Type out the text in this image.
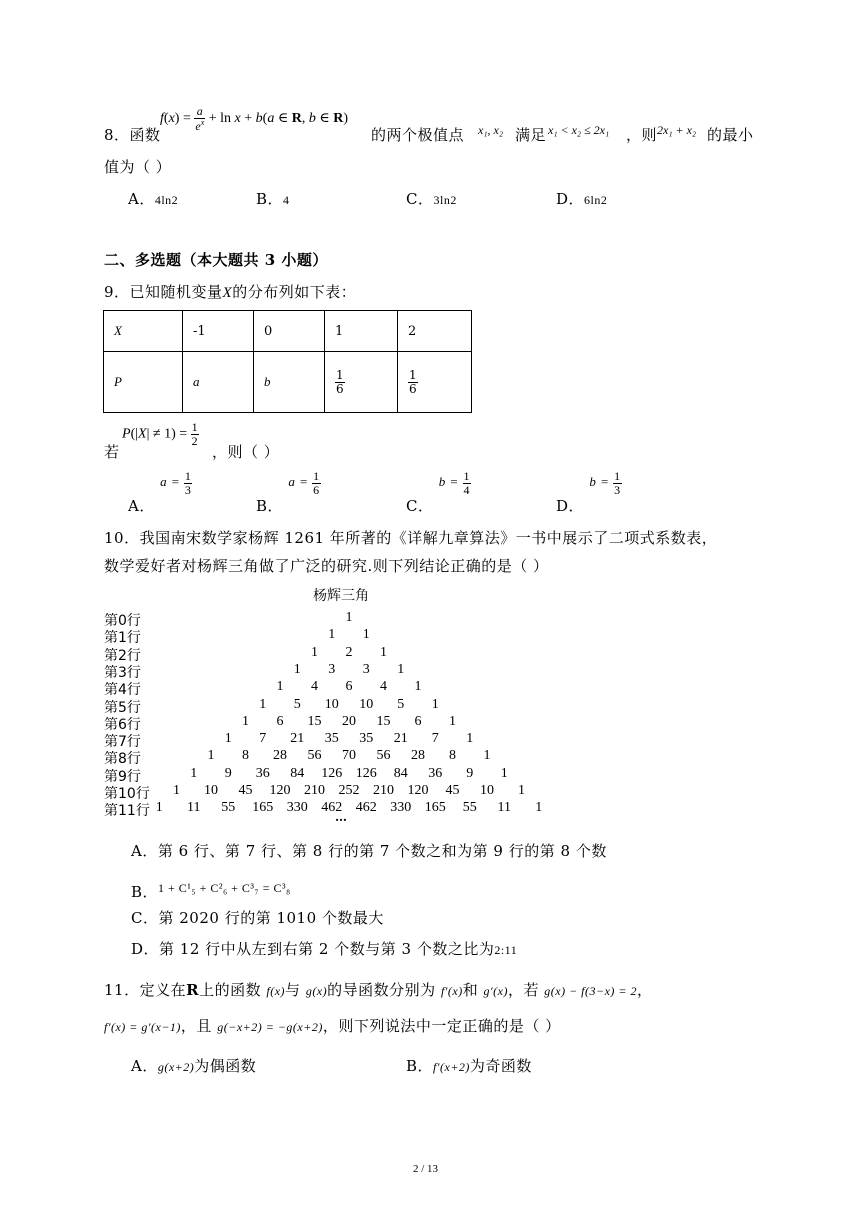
8．函数
$f(x) = \frac{a}{e^x} + \ln x + b(a$ ∈ R, b ∈ R)
的两个极值点 x₁, x₂ 满足 x₁ < x₂ ≤ 2x₁ ，则 2x₁ + x₂ 的最小
值为（ ）
A．4ln2	B．4	C．3ln2	D．6ln2
二、多选题（本大题共 3 小题）
9．已知随机变量X的分布列如下表：
X	-1	0	1	2
P	a	b	$\frac{1}{6}$	$\frac{1}{6}$
若
$P(|X| \ne 1) = \frac{1}{2}$
，则（ ）
A． $a = \frac{1}{3}$
B． $a = \frac{1}{6}$
C． $b = \frac{1}{4}$
D． $b = \frac{1}{3}$
10．我国南宋数学家杨辉 1261 年所著的《详解九章算法》一书中展示了二项式系数表，
数学爱好者对杨辉三角做了广泛的研究.则下列结论正确的是（ ）
杨辉三角
第0行	1
第1行	1	1
第2行	1	2	1
第3行	1	3	3	1
第4行	1	4	6	4	1
第5行	1	5	10	10	5	1
第6行	1	6	15	20	15	6	1
第7行	1	7	21	35	35	21	7	1
第8行	1	8	28	56	70	56	28	8	1
第9行	1	9	36	84	126 126	84	36	9	1
第10行	1	10	45	120 210 252 210 120	45	10	1
第11行 1	11	55	165 330 462 462 330 165	55	11	1
…
A．第 6 行、第 7 行、第 8 行的第 7 个数之和为第 9 行的第 8 个数
B．1 + C¹₅ + C²₆ + C³₇ = C³₈
C．第 2020 行的第 1010 个数最大
D．第 12 行中从左到右第 2 个数与第 3 个数之比为2:11
11．定义在R上的函数 f(x)与 g(x)的导函数分别为 f′(x)和 g′(x)，若 g(x) − f(3−x) = 2，
f′(x) = g′(x−1)，且 g(−x+2) = −g(x+2)，则下列说法中一定正确的是（ ）
A．g(x+2)为偶函数	B．f′(x+2)为奇函数
2 / 13
